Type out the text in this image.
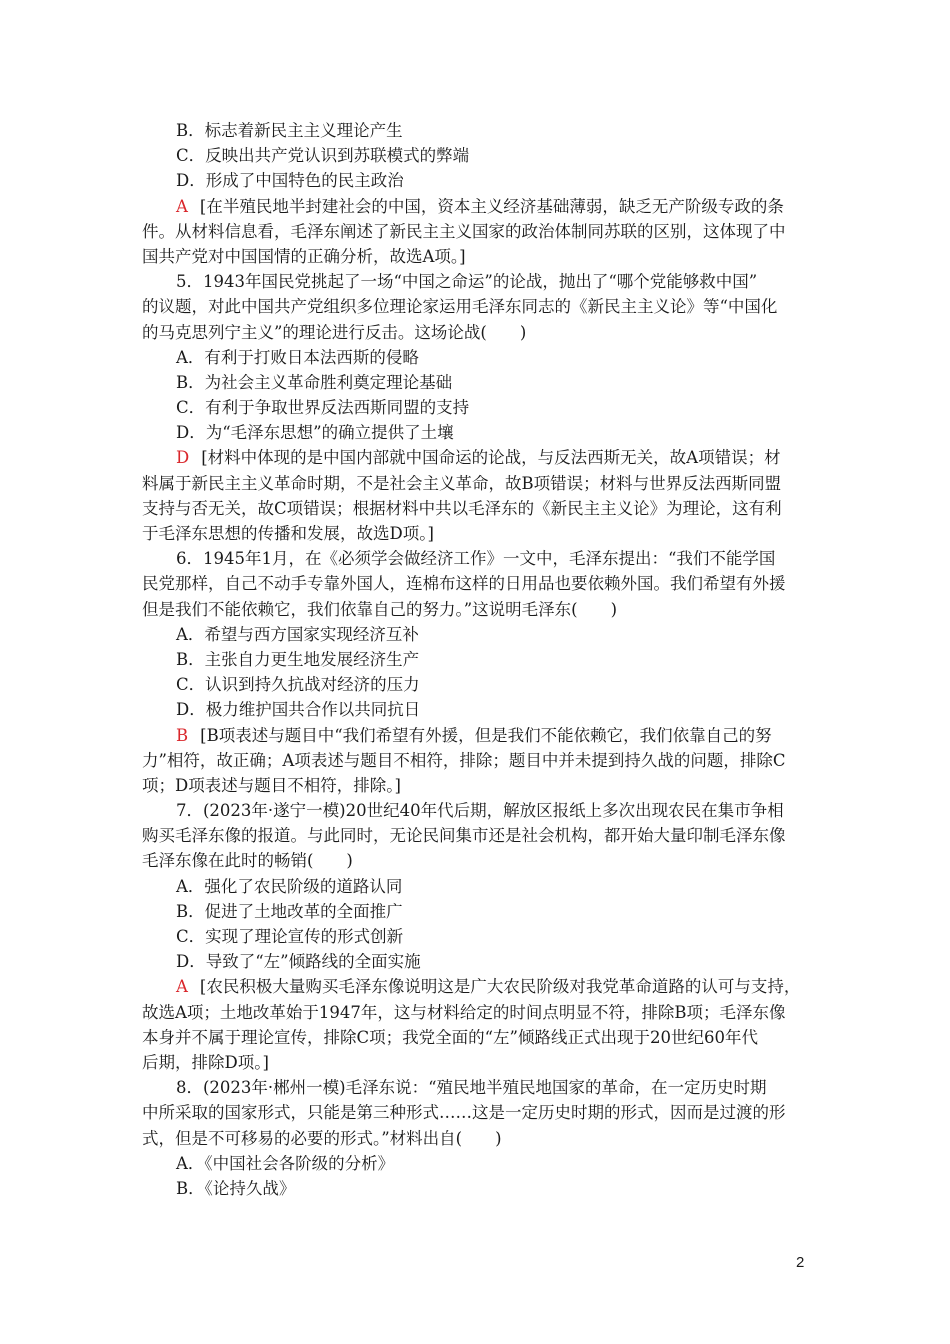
B．标志着新民主主义理论产生
C．反映出共产党认识到苏联模式的弊端
D．形成了中国特色的民主政治
A [在半殖民地半封建社会的中国，资本主义经济基础薄弱，缺乏无产阶级专政的条
件。从材料信息看，毛泽东阐述了新民主主义国家的政治体制同苏联的区别，这体现了中
国共产党对中国国情的正确分析，故选A项。]
5．1943年国民党挑起了一场“中国之命运”的论战，抛出了“哪个党能够救中国”
的议题，对此中国共产党组织多位理论家运用毛泽东同志的《新民主主义论》等“中国化
的马克思列宁主义”的理论进行反击。这场论战(　　)
A．有利于打败日本法西斯的侵略
B．为社会主义革命胜利奠定理论基础
C．有利于争取世界反法西斯同盟的支持
D．为“毛泽东思想”的确立提供了土壤
D [材料中体现的是中国内部就中国命运的论战，与反法西斯无关，故A项错误；材
料属于新民主主义革命时期，不是社会主义革命，故B项错误；材料与世界反法西斯同盟
支持与否无关，故C项错误；根据材料中共以毛泽东的《新民主主义论》为理论，这有利
于毛泽东思想的传播和发展，故选D项。]
6．1945年1月，在《必须学会做经济工作》一文中，毛泽东提出：“我们不能学国
民党那样，自己不动手专靠外国人，连棉布这样的日用品也要依赖外国。我们希望有外援
但是我们不能依赖它，我们依靠自己的努力。”这说明毛泽东(　　)
A．希望与西方国家实现经济互补
B．主张自力更生地发展经济生产
C．认识到持久抗战对经济的压力
D．极力维护国共合作以共同抗日
B [B项表述与题目中“我们希望有外援，但是我们不能依赖它，我们依靠自己的努
力”相符，故正确；A项表述与题目不相符，排除；题目中并未提到持久战的问题，排除C
项；D项表述与题目不相符，排除。]
7．(2023年·遂宁一模)20世纪40年代后期，解放区报纸上多次出现农民在集市争相
购买毛泽东像的报道。与此同时，无论民间集市还是社会机构，都开始大量印制毛泽东像
毛泽东像在此时的畅销(　　)
A．强化了农民阶级的道路认同
B．促进了土地改革的全面推广
C．实现了理论宣传的形式创新
D．导致了“左”倾路线的全面实施
A [农民积极大量购买毛泽东像说明这是广大农民阶级对我党革命道路的认可与支持，
故选A项；土地改革始于1947年，这与材料给定的时间点明显不符，排除B项；毛泽东像
本身并不属于理论宣传，排除C项；我党全面的“左”倾路线正式出现于20世纪60年代
后期，排除D项。]
8．(2023年·郴州一模)毛泽东说：“殖民地半殖民地国家的革命，在一定历史时期
中所采取的国家形式，只能是第三种形式……这是一定历史时期的形式，因而是过渡的形
式，但是不可移易的必要的形式。”材料出自(　　)
A．《中国社会各阶级的分析》
B．《论持久战》
2
